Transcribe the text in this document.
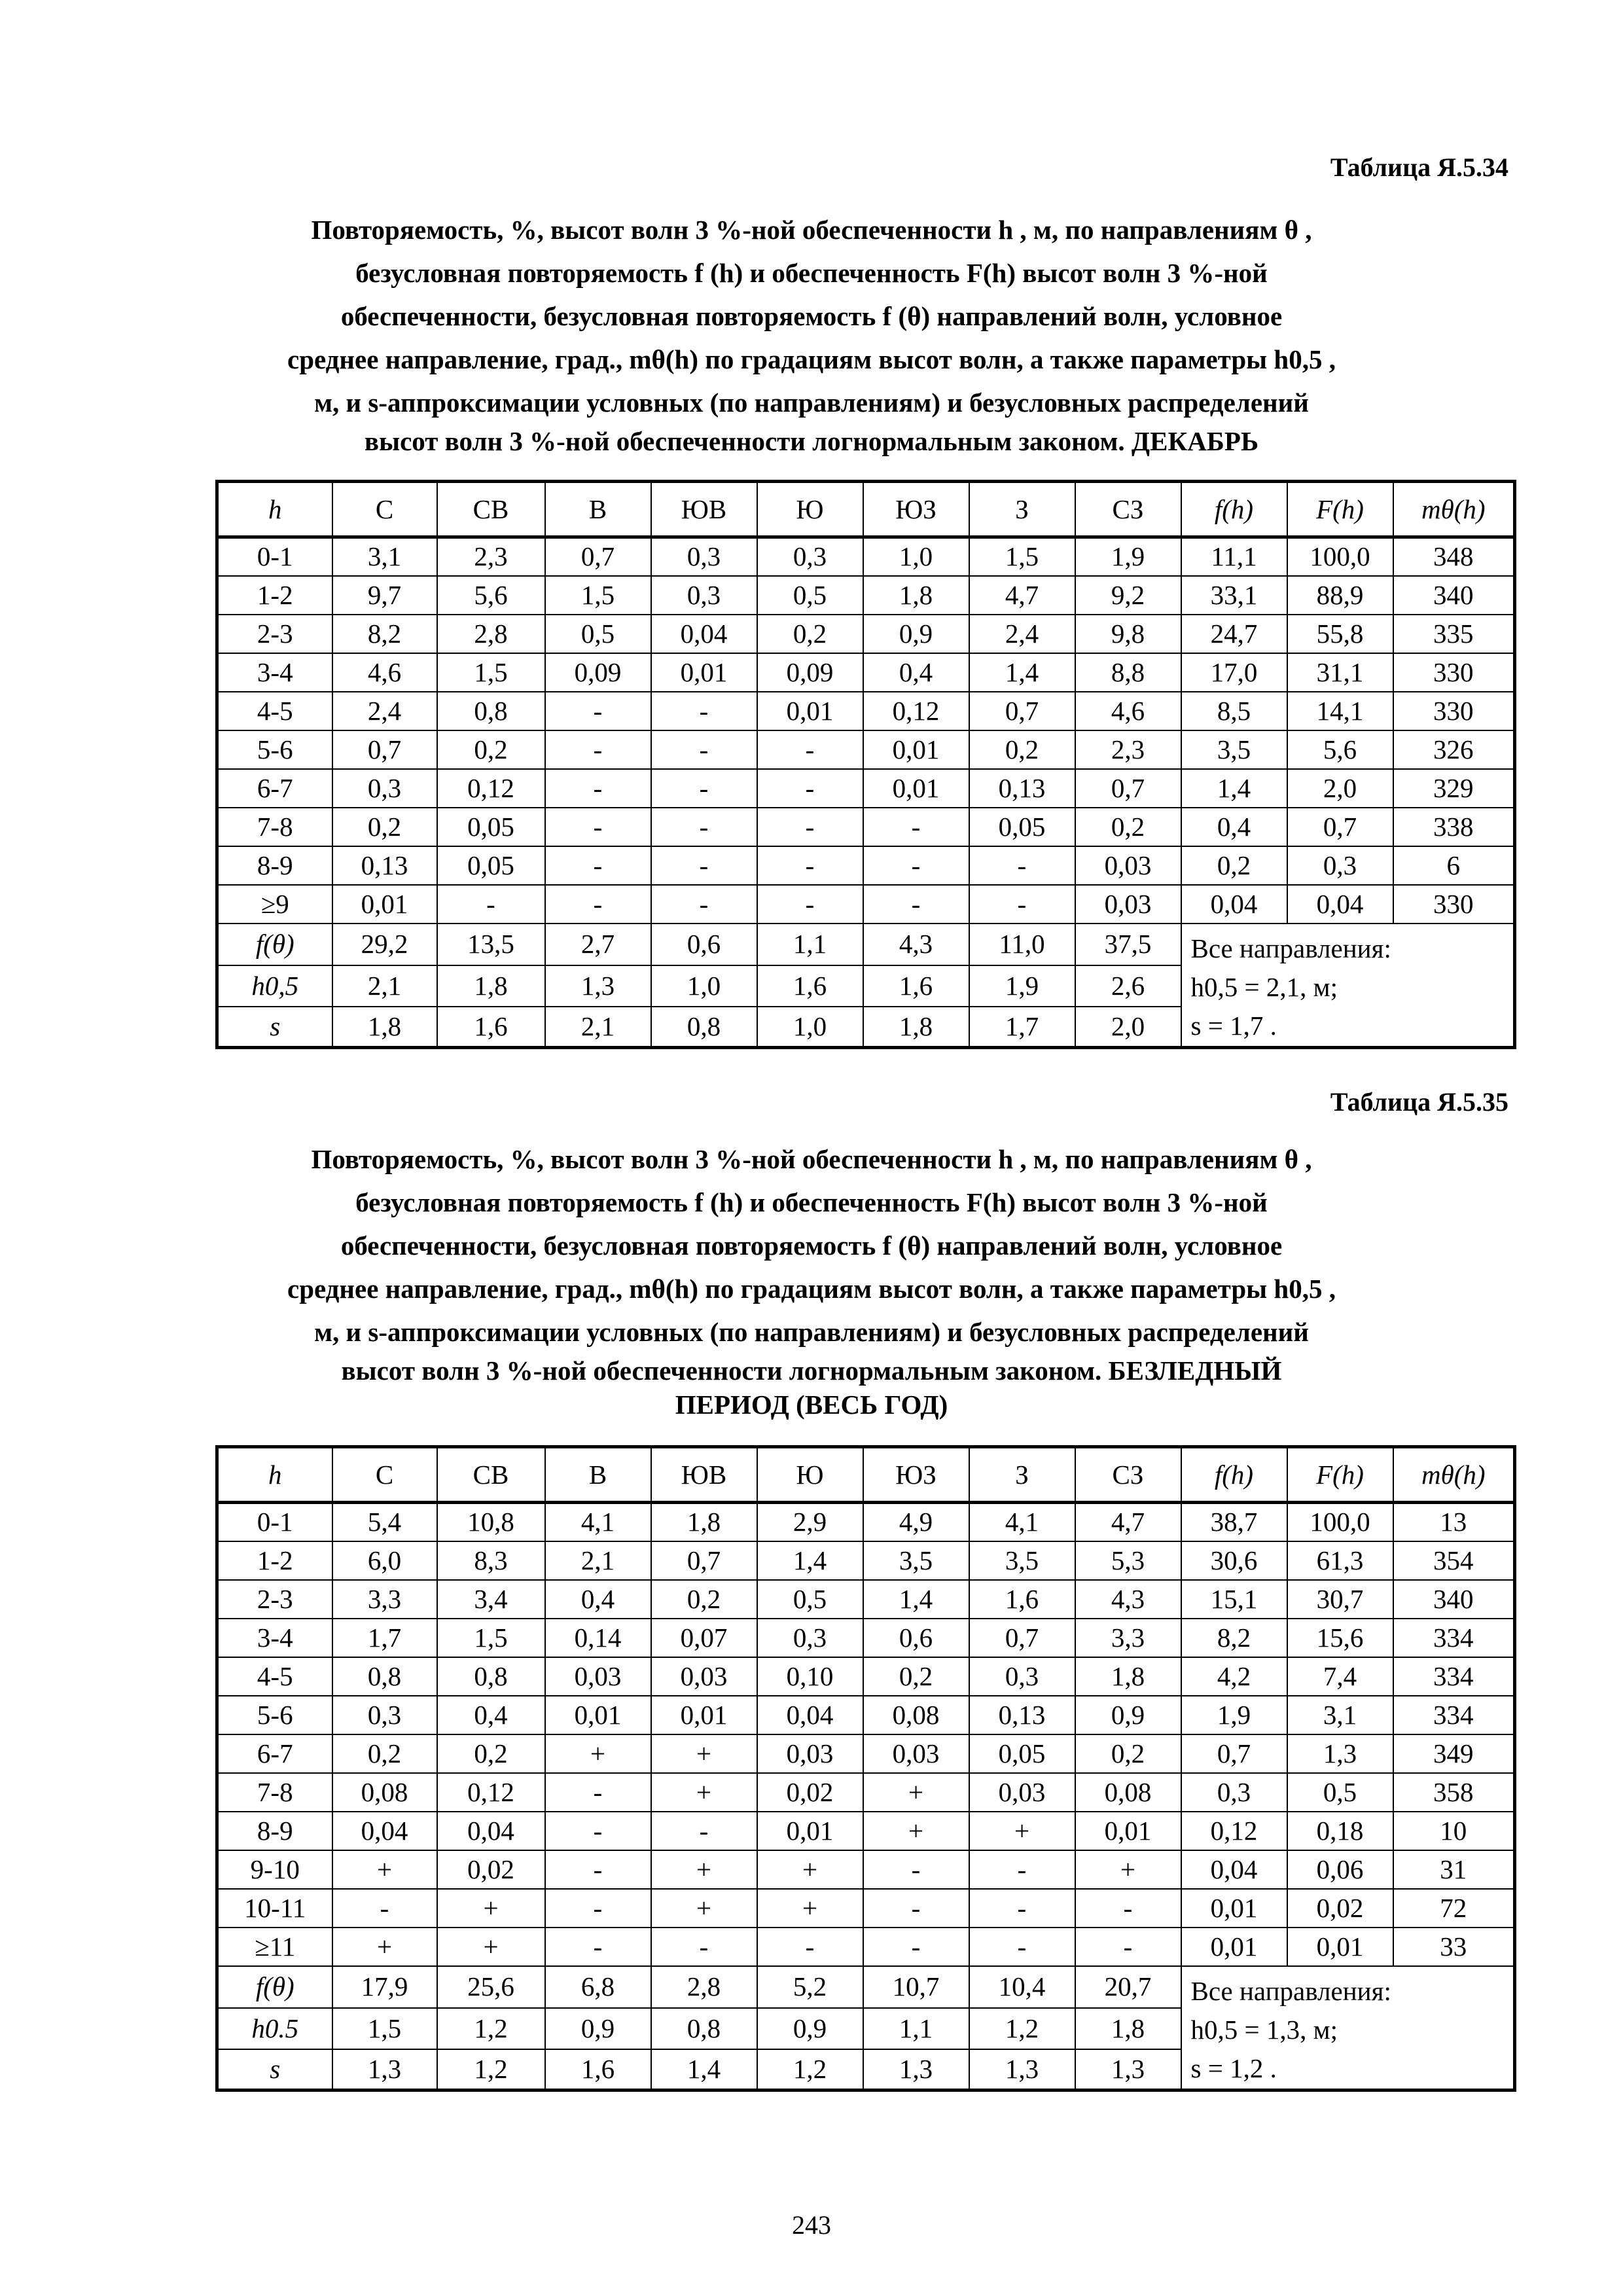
Таблица Я.5.34
Повторяемость, %, высот волн 3 %-ной обеспеченности h , м, по направлениям θ ,
безусловная повторяемость f (h) и обеспеченность F(h) высот волн 3 %-ной
обеспеченности, безусловная повторяемость f (θ) направлений волн, условное
среднее направление, град., mθ(h) по градациям высот волн, а также параметры h0,5 ,
м, и s-аппроксимации условных (по направлениям) и безусловных распределений
высот волн 3 %-ной обеспеченности логнормальным законом. ДЕКАБРЬ
h	С	СВ	В	ЮВ	Ю	ЮЗ	З	СЗ	f(h)	F(h)	mθ(h)
0-1	3,1	2,3	0,7	0,3	0,3	1,0	1,5	1,9	11,1	100,0	348
1-2	9,7	5,6	1,5	0,3	0,5	1,8	4,7	9,2	33,1	88,9	340
2-3	8,2	2,8	0,5	0,04	0,2	0,9	2,4	9,8	24,7	55,8	335
3-4	4,6	1,5	0,09	0,01	0,09	0,4	1,4	8,8	17,0	31,1	330
4-5	2,4	0,8	-	-	0,01	0,12	0,7	4,6	8,5	14,1	330
5-6	0,7	0,2	-	-	-	0,01	0,2	2,3	3,5	5,6	326
6-7	0,3	0,12	-	-	-	0,01	0,13	0,7	1,4	2,0	329
7-8	0,2	0,05	-	-	-	-	0,05	0,2	0,4	0,7	338
8-9	0,13	0,05	-	-	-	-	-	0,03	0,2	0,3	6
≥9	0,01	-	-	-	-	-	-	0,03	0,04	0,04	330
f(θ)	29,2	13,5	2,7	0,6	1,1	4,3	11,0	37,5	Все направления:
h0,5 = 2,1, м;
s = 1,7 .		

h0,5	2,1	1,8	1,3	1,0	1,6	1,6	1,9	2,6			
s	1,8	1,6	2,1	0,8	1,0	1,8	1,7	2,0			
Таблица Я.5.35
Повторяемость, %, высот волн 3 %-ной обеспеченности h , м, по направлениям θ ,
безусловная повторяемость f (h) и обеспеченность F(h) высот волн 3 %-ной
обеспеченности, безусловная повторяемость f (θ) направлений волн, условное
среднее направление, град., mθ(h) по градациям высот волн, а также параметры h0,5 ,
м, и s-аппроксимации условных (по направлениям) и безусловных распределений
высот волн 3 %-ной обеспеченности логнормальным законом. БЕЗЛЕДНЫЙ
ПЕРИОД (ВЕСЬ ГОД)
h	С	СВ	В	ЮВ	Ю	ЮЗ	З	СЗ	f(h)	F(h)	mθ(h)
0-1	5,4	10,8	4,1	1,8	2,9	4,9	4,1	4,7	38,7	100,0	13
1-2	6,0	8,3	2,1	0,7	1,4	3,5	3,5	5,3	30,6	61,3	354
2-3	3,3	3,4	0,4	0,2	0,5	1,4	1,6	4,3	15,1	30,7	340
3-4	1,7	1,5	0,14	0,07	0,3	0,6	0,7	3,3	8,2	15,6	334
4-5	0,8	0,8	0,03	0,03	0,10	0,2	0,3	1,8	4,2	7,4	334
5-6	0,3	0,4	0,01	0,01	0,04	0,08	0,13	0,9	1,9	3,1	334
6-7	0,2	0,2	+	+	0,03	0,03	0,05	0,2	0,7	1,3	349
7-8	0,08	0,12	-	+	0,02	+	0,03	0,08	0,3	0,5	358
8-9	0,04	0,04	-	-	0,01	+	+	0,01	0,12	0,18	10
9-10	+	0,02	-	+	+	-	-	+	0,04	0,06	31
10-11	-	+	-	+	+	-	-	-	0,01	0,02	72
≥11	+	+	-	-	-	-	-	-	0,01	0,01	33
f(θ)	17,9	25,6	6,8	2,8	5,2	10,7	10,4	20,7	Все направления:
h0,5 = 1,3, м;
s = 1,2 .		

h0.5	1,5	1,2	0,9	0,8	0,9	1,1	1,2	1,8			
s	1,3	1,2	1,6	1,4	1,2	1,3	1,3	1,3			
243
